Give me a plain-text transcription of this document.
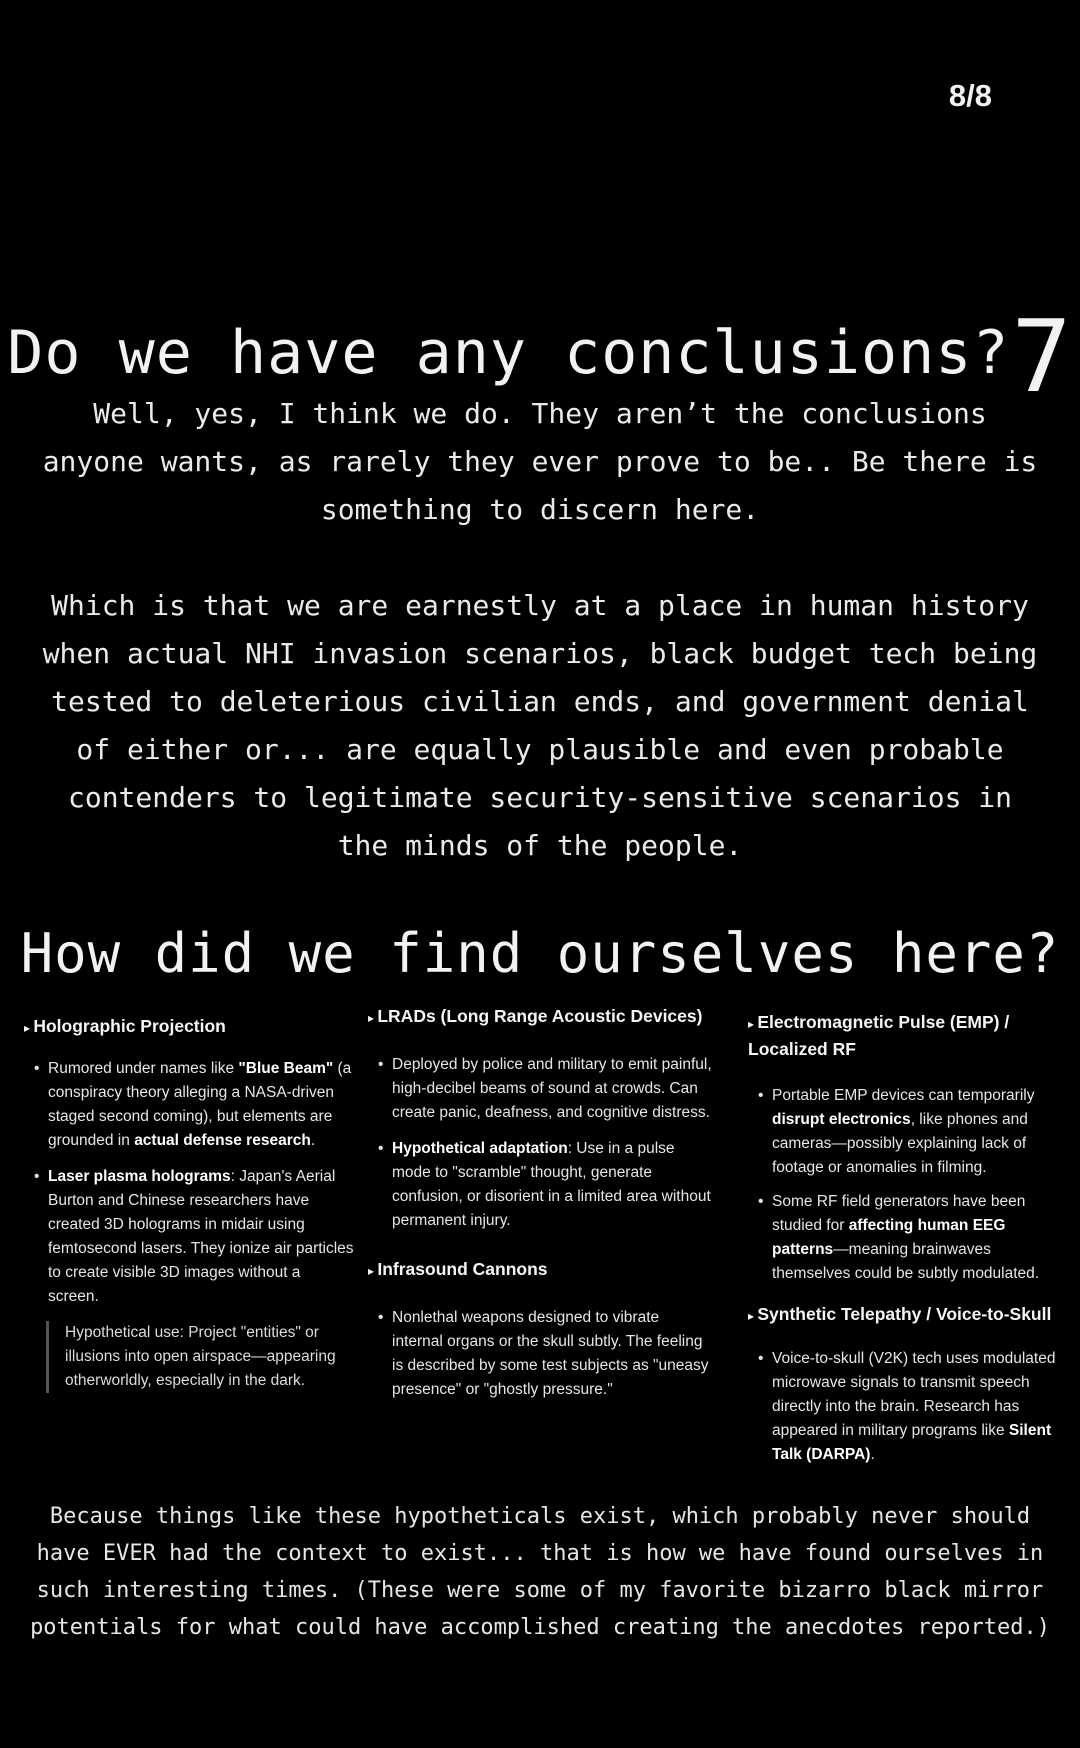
8/8
Do we have any conclusions?7
Well, yes, I think we do. They aren’t the conclusions anyone wants, as rarely they ever prove to be.. Be there is something to discern here.
Which is that we are earnestly at a place in human history when actual NHI invasion scenarios, black budget tech being tested to deleterious civilian ends, and government denial of either or... are equally plausible and even probable contenders to legitimate security-sensitive scenarios in the minds of the people.
How did we find ourselves here?
▸ Holographic Projection
• Rumored under names like "Blue Beam" (a conspiracy theory alleging a NASA-driven staged second coming), but elements are grounded in actual defense research.
• Laser plasma holograms: Japan's Aerial Burton and Chinese researchers have created 3D holograms in midair using femtosecond lasers. They ionize air particles to create visible 3D images without a screen.
Hypothetical use: Project "entities" or illusions into open airspace—appearing otherworldly, especially in the dark.
▸ LRADs (Long Range Acoustic Devices)
• Deployed by police and military to emit painful, high-decibel beams of sound at crowds. Can create panic, deafness, and cognitive distress.
• Hypothetical adaptation: Use in a pulse mode to "scramble" thought, generate confusion, or disorient in a limited area without permanent injury.
▸ Infrasound Cannons
• Nonlethal weapons designed to vibrate internal organs or the skull subtly. The feeling is described by some test subjects as "uneasy presence" or "ghostly pressure."
▸ Electromagnetic Pulse (EMP) / Localized RF
• Portable EMP devices can temporarily disrupt electronics, like phones and cameras—possibly explaining lack of footage or anomalies in filming.
• Some RF field generators have been studied for affecting human EEG patterns—meaning brainwaves themselves could be subtly modulated.
▸ Synthetic Telepathy / Voice-to-Skull
• Voice-to-skull (V2K) tech uses modulated microwave signals to transmit speech directly into the brain. Research has appeared in military programs like Silent Talk (DARPA).
Because things like these hypotheticals exist, which probably never should have EVER had the context to exist... that is how we have found ourselves in such interesting times. (These were some of my favorite bizarro black mirror potentials for what could have accomplished creating the anecdotes reported.)
